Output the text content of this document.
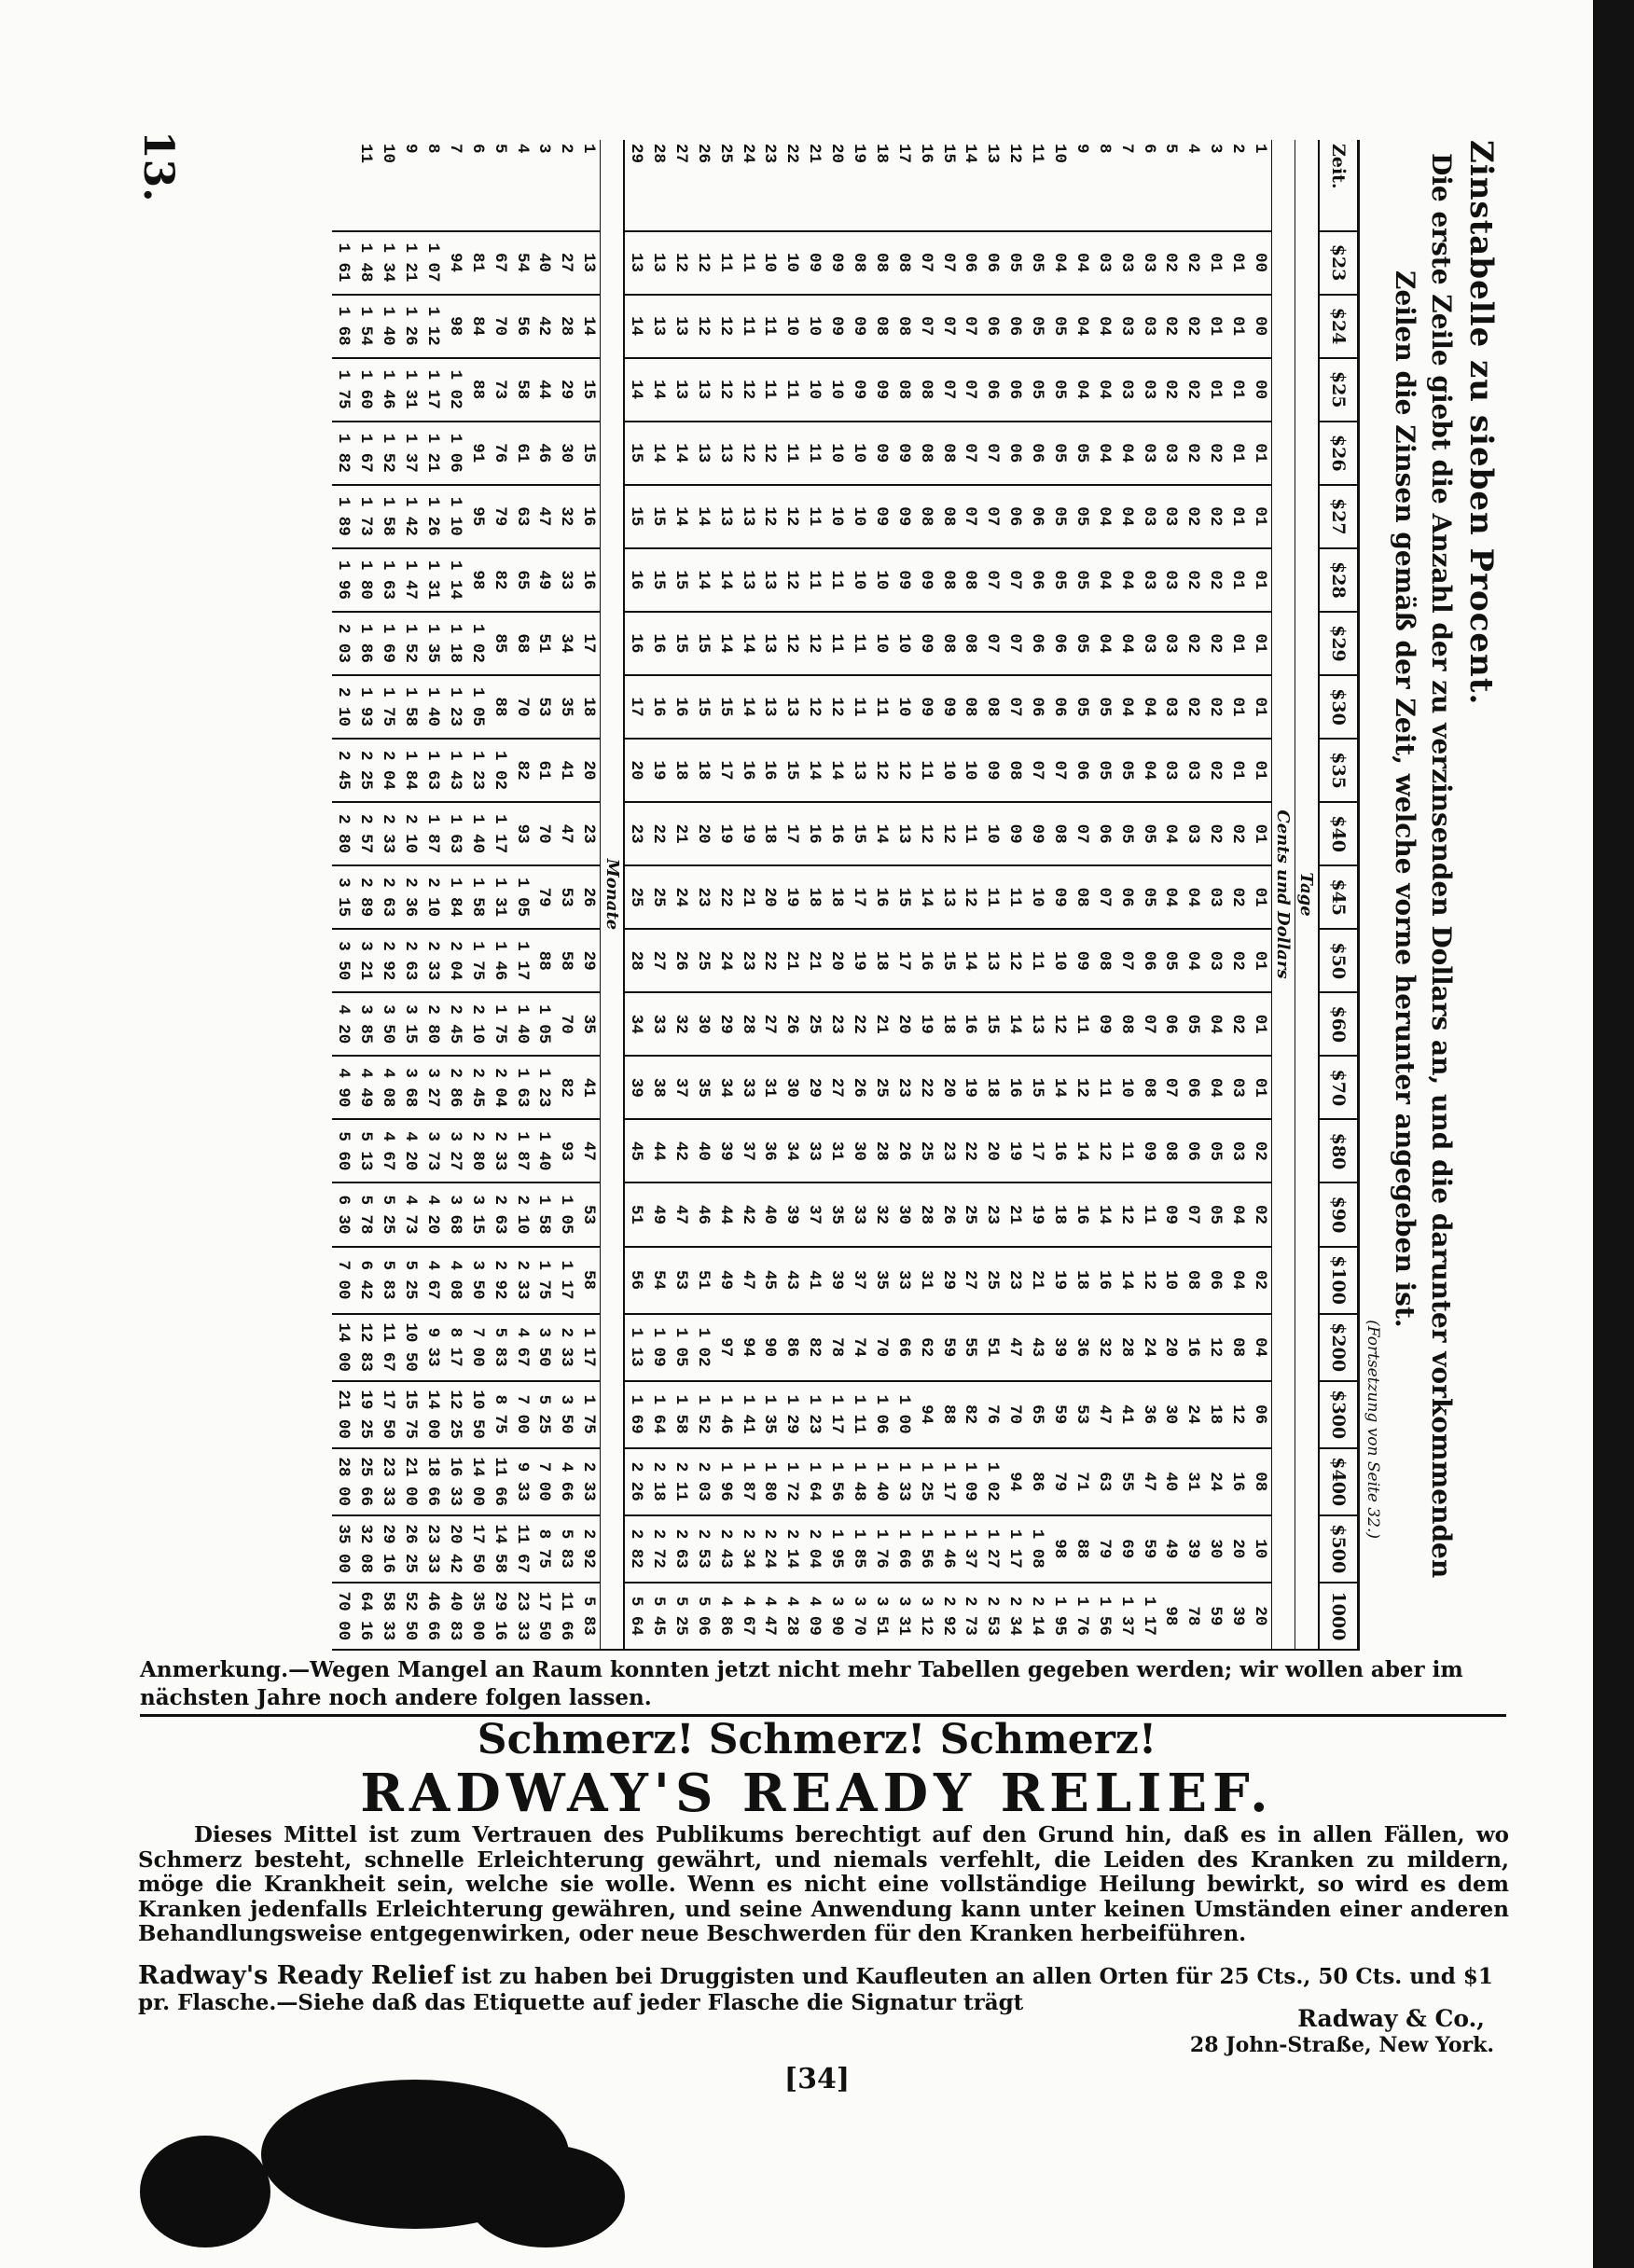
Zinstabelle zu sieben Procent.
Die erste Zeile giebt die Anzahl der zu verzinsenden Dollars an, und die darunter vorkommenden
Zeilen die Zinsen gemäß der Zeit, welche vorne herunter angegeben ist.
(Fortsetzung von Seite 32.)
Zeit.	$23	$24	$25	$26	$27	$28	$29	$30	$35	$40	$45	$50	$60	$70	$80	$90	$100	$200	$300	$400	$500	1000
Tage																						
Cents und Dollars																						
1	00	00	00	01	01	01	01	01	01	01	01	01	01	01	02	02	02	04	06	08	10	20
2	01	01	01	01	01	01	01	01	01	02	02	02	02	03	03	04	04	08	12	16	20	39
3	01	01	01	02	02	02	02	02	02	02	03	03	04	04	05	05	06	12	18	24	30	59
4	02	02	02	02	02	02	02	02	03	03	04	04	05	06	06	07	08	16	24	31	39	78
5	02	02	02	03	03	03	03	03	03	04	04	05	06	07	08	09	10	20	30	40	49	98
6	03	03	03	03	03	03	03	04	04	05	05	06	07	08	09	11	12	24	36	47	59	1 17
7	03	03	03	04	04	04	04	04	05	05	06	07	08	10	11	12	14	28	41	55	69	1 37
8	03	04	04	04	04	04	04	05	05	06	07	08	09	11	12	14	16	32	47	63	79	1 56
9	04	04	04	05	05	05	05	05	06	07	08	09	11	12	14	16	18	36	53	71	88	1 76
10	04	05	05	05	05	05	06	06	07	08	09	10	12	14	16	18	19	39	59	79	98	1 95
11	05	05	05	06	06	06	06	06	07	09	10	11	13	15	17	19	21	43	65	86	1 08	2 14
12	05	06	06	06	06	07	07	07	08	09	11	12	14	16	19	21	23	47	70	94	1 17	2 34
13	06	06	06	07	07	07	07	08	09	10	11	13	15	18	20	23	25	51	76	1 02	1 27	2 53
14	06	07	07	07	07	08	08	08	10	11	12	14	16	19	22	25	27	55	82	1 09	1 37	2 73
15	07	07	07	08	08	08	08	09	10	12	13	15	18	20	23	26	29	59	88	1 17	1 46	2 92
16	07	07	08	08	08	09	09	09	11	12	14	16	19	22	25	28	31	62	94	1 25	1 56	3 12
17	08	08	08	09	09	09	10	10	12	13	15	17	20	23	26	30	33	66	1 00	1 33	1 66	3 31
18	08	08	09	09	09	10	10	11	12	14	16	18	21	25	28	32	35	70	1 06	1 40	1 76	3 51
19	08	09	09	10	10	10	11	11	13	15	17	19	22	26	30	33	37	74	1 11	1 48	1 85	3 70
20	09	09	10	10	10	11	11	12	14	16	18	20	23	27	31	35	39	78	1 17	1 56	1 95	3 90
21	09	10	10	11	11	11	12	12	14	16	18	21	25	29	33	37	41	82	1 23	1 64	2 04	4 09
22	10	10	11	11	12	12	12	13	15	17	19	21	26	30	34	39	43	86	1 29	1 72	2 14	4 28
23	10	11	11	12	12	13	13	13	16	18	20	22	27	31	36	40	45	90	1 35	1 80	2 24	4 47
24	11	11	12	12	13	13	14	14	16	19	21	23	28	33	37	42	47	94	1 41	1 87	2 34	4 67
25	11	12	12	13	13	14	14	15	17	19	22	24	29	34	39	44	49	97	1 46	1 96	2 43	4 86
26	12	12	13	13	14	14	15	15	18	20	23	25	30	35	40	46	51	1 02	1 52	2 03	2 53	5 06
27	12	13	13	14	14	15	15	16	18	21	24	26	32	37	42	47	53	1 05	1 58	2 11	2 63	5 25
28	13	13	14	14	15	15	16	16	19	22	25	27	33	38	44	49	54	1 09	1 64	2 18	2 72	5 45
29	13	14	14	15	15	16	16	17	20	23	25	28	34	39	45	51	56	1 13	1 69	2 26	2 82	5 64
Monate																						
1	13	14	15	15	16	16	17	18	20	23	26	29	35	41	47	53	58	1 17	1 75	2 33	2 92	5 83
2	27	28	29	30	32	33	34	35	41	47	53	58	70	82	93	1 05	1 17	2 33	3 50	4 66	5 83	11 66
3	40	42	44	46	47	49	51	53	61	70	79	88	1 05	1 23	1 40	1 58	1 75	3 50	5 25	7 00	8 75	17 50
4	54	56	58	61	63	65	68	70	82	93	1 05	1 17	1 40	1 63	1 87	2 10	2 33	4 67	7 00	9 33	11 67	23 33
5	67	70	73	76	79	82	85	88	1 02	1 17	1 31	1 46	1 75	2 04	2 33	2 63	2 92	5 83	8 75	11 66	14 58	29 16
6	81	84	88	91	95	98	1 02	1 05	1 23	1 40	1 58	1 75	2 10	2 45	2 80	3 15	3 50	7 00	10 50	14 00	17 50	35 00
7	94	98	1 02	1 06	1 10	1 14	1 18	1 23	1 43	1 63	1 84	2 04	2 45	2 86	3 27	3 68	4 08	8 17	12 25	16 33	20 42	40 83
8	1 07	1 12	1 17	1 21	1 26	1 31	1 35	1 40	1 63	1 87	2 10	2 33	2 80	3 27	3 73	4 20	4 67	9 33	14 00	18 66	23 33	46 66
9	1 21	1 26	1 31	1 37	1 42	1 47	1 52	1 58	1 84	2 10	2 36	2 63	3 15	3 68	4 20	4 73	5 25	10 50	15 75	21 00	26 25	52 50
10	1 34	1 40	1 46	1 52	1 58	1 63	1 69	1 75	2 04	2 33	2 63	2 92	3 50	4 08	4 67	5 25	5 83	11 67	17 50	23 33	29 16	58 33
11	1 48	1 54	1 60	1 67	1 73	1 80	1 86	1 93	2 25	2 57	2 89	3 21	3 85	4 49	5 13	5 78	6 42	12 83	19 25	25 66	32 08	64 16
	1 61	1 68	1 75	1 82	1 89	1 96	2 03	2 10	2 45	2 80	3 15	3 50	4 20	4 90	5 60	6 30	7 00	14 00	21 00	28 00	35 00	70 00
13.
Anmerkung.—Wegen Mangel an Raum konnten jetzt nicht mehr Tabellen gegeben werden; wir wollen aber im nächsten Jahre noch andere folgen lassen.
Schmerz! Schmerz! Schmerz!
RADWAY'S READY RELIEF.
Dieses Mittel ist zum Vertrauen des Publikums berechtigt auf den Grund hin, daß es in allen Fällen, wo Schmerz besteht, schnelle Erleichterung gewährt, und niemals verfehlt, die Leiden des Kranken zu mildern, möge die Krankheit sein, welche sie wolle. Wenn es nicht eine vollständige Heilung bewirkt, so wird es dem Kranken jedenfalls Erleichterung gewähren, und seine Anwendung kann unter keinen Umständen einer anderen Behandlungsweise entgegenwirken, oder neue Beschwerden für den Kranken herbeiführen.
Radway's Ready Relief ist zu haben bei Druggisten und Kaufleuten an allen Orten für 25 Cts., 50 Cts. und $1 pr. Flasche.—Siehe daß das Etiquette auf jeder Flasche die Signatur trägt
Radway & Co.,
28 John-Straße, New York.
[34]
